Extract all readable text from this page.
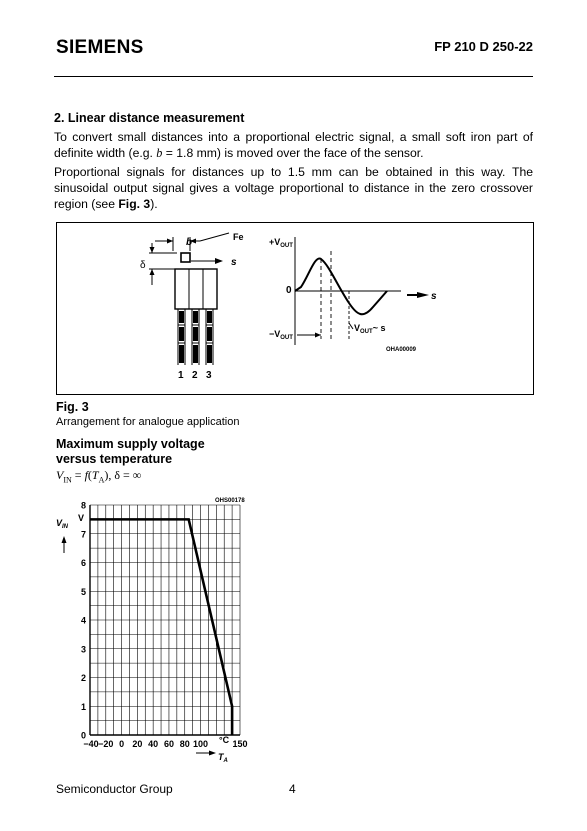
SIEMENS	FP 210 D 250-22
2. Linear distance measurement
To convert small distances into a proportional electric signal, a small soft iron part of definite width (e.g. b = 1.8 mm) is moved over the face of the sensor.
Proportional signals for distances up to 1.5 mm can be obtained in this way. The sinusoidal output signal gives a voltage proportional to distance in the zero crossover region (see Fig. 3).
b	Fe
δ	s
1 2 3
$+V_{OUT}$
0
s
$-V_{OUT}$
$V_{OUT}\sim$ s
OHA00009
Fig. 3
Arrangement for analogue application
Maximum supply voltage
versus temperature
$V_{IN} = f(T_A)$, δ = ∞
0
1
2
3
4
5
6
7
8
−40 −20 0 20 40 60 80 100	150
OHS00178
$V_{IN}$
V
°C
$T_A$
Semiconductor Group	4
